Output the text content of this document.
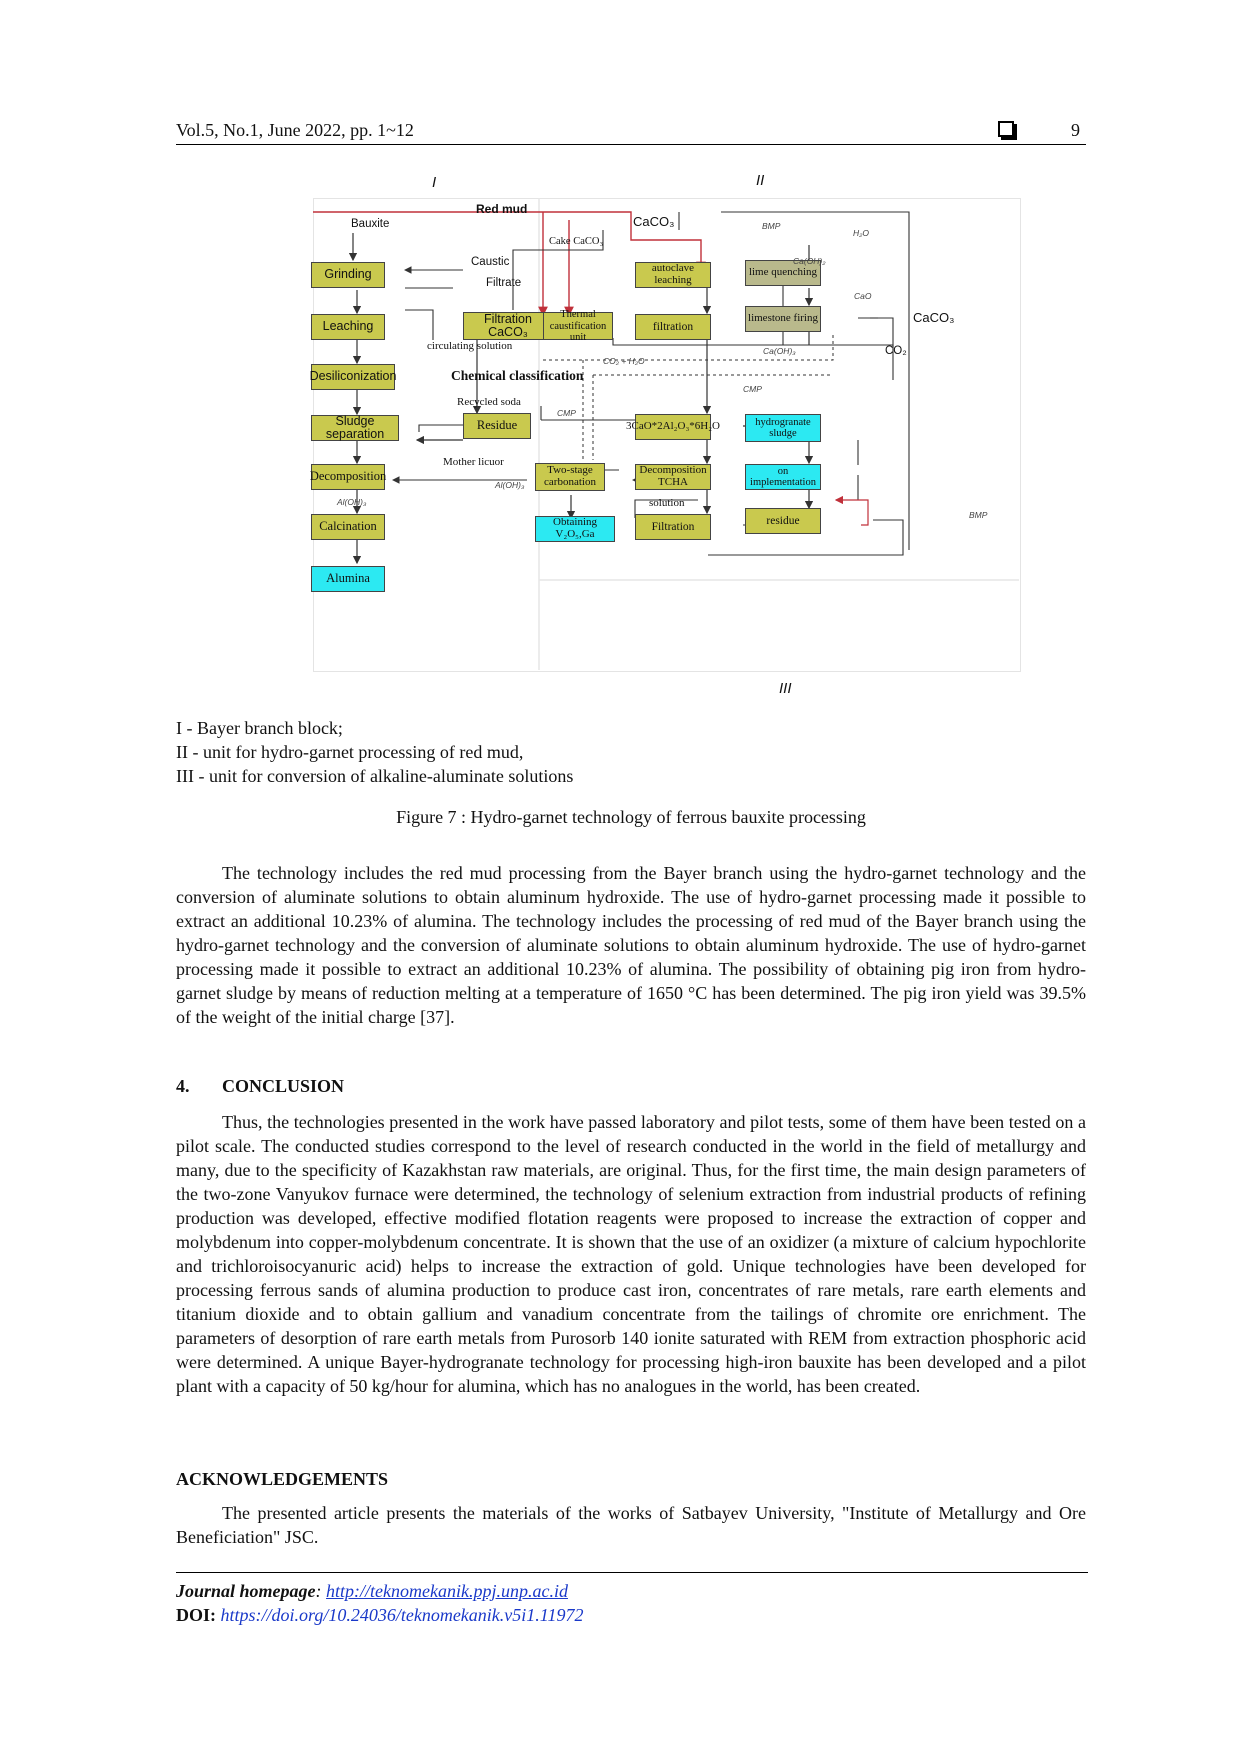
Vol.5, No.1, June 2022, pp. 1~12	9
I	II
III
Grinding
Leaching
Desiliconization
Sludge separation
Decomposition
Calcination
Alumina
Filtration CaCO₃
Residue
Thermal caustification unit
Two-stage carbonation
Obtaining V₂O₅,Ga
autoclave leaching
filtration
3CaO*2Al₂O₃*6H₂O
Decomposition TCHA
Filtration
lime quenching
limestone firing
hydrogranate sludge
on implementation
residue
Red mud
Bauxite	CaCO₃
Cake CaCO₃
Caustic
Filtrate
circulating solution
Chemical classification
Recycled soda
Mother licuor
Al(OH)₃
Al(OH)₃
solution
BMP
BMP
H₂O
Ca(OH)₂
CaO
Ca(OH)₃
CMP
CMP
CO₂ + H₂O
CO₂
CaCO₃
I - Bayer branch block;
II - unit for hydro-garnet processing of red mud,
III - unit for conversion of alkaline-aluminate solutions
Figure 7 : Hydro-garnet technology of ferrous bauxite processing

The technology includes the red mud processing from the Bayer branch using the hydro-garnet technology and the conversion of aluminate solutions to obtain aluminum hydroxide. The use of hydro-garnet processing made it possible to extract an additional 10.23% of alumina. The technology includes the processing of red mud of the Bayer branch using the hydro-garnet technology and the conversion of aluminate solutions to obtain aluminum hydroxide. The use of hydro-garnet processing made it possible to extract an additional 10.23% of alumina. The possibility of obtaining pig iron from hydro-garnet sludge by means of reduction melting at a temperature of 1650 °C has been determined. The pig iron yield was 39.5% of the weight of the initial charge [37].

4. CONCLUSION

Thus, the technologies presented in the work have passed laboratory and pilot tests, some of them have been tested on a pilot scale. The conducted studies correspond to the level of research conducted in the world in the field of metallurgy and many, due to the specificity of Kazakhstan raw materials, are original. Thus, for the first time, the main design parameters of the two-zone Vanyukov furnace were determined, the technology of selenium extraction from industrial products of refining production was developed, effective modified flotation reagents were proposed to increase the extraction of copper and molybdenum into copper-molybdenum concentrate. It is shown that the use of an oxidizer (a mixture of calcium hypochlorite and trichloroisocyanuric acid) helps to increase the extraction of gold. Unique technologies have been developed for processing ferrous sands of alumina production to produce cast iron, concentrates of rare metals, rare earth elements and titanium dioxide and to obtain gallium and vanadium concentrate from the tailings of chromite ore enrichment. The parameters of desorption of rare earth metals from Purosorb 140 ionite saturated with REM from extraction phosphoric acid were determined. A unique Bayer-hydrogranate technology for processing high-iron bauxite has been developed and a pilot plant with a capacity of 50 kg/hour for alumina, which has no analogues in the world, has been created.

ACKNOWLEDGEMENTS

The presented article presents the materials of the works of Satbayev University, "Institute of Metallurgy and Ore Beneficiation" JSC.

Journal homepage: http://teknomekanik.ppj.unp.ac.id
DOI: https://doi.org/10.24036/teknomekanik.v5i1.11972
